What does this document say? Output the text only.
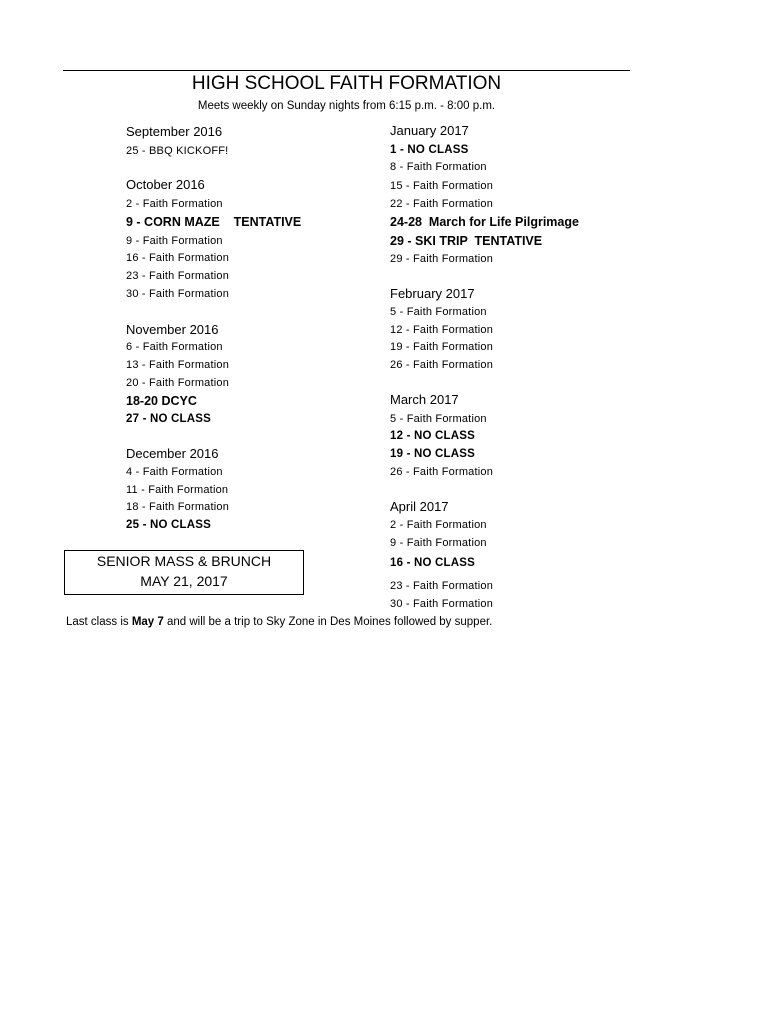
HIGH SCHOOL FAITH FORMATION
Meets weekly on Sunday nights from 6:15 p.m. - 8:00 p.m.
September 2016
25 - BBQ KICKOFF!
October 2016
2 - Faith Formation
9 - CORN MAZE    TENTATIVE
9 - Faith Formation
16 - Faith Formation
23 - Faith Formation
30 - Faith Formation
November 2016
6 - Faith Formation
13 - Faith Formation
20 - Faith Formation
18-20 DCYC
27 - NO CLASS
December 2016
4 - Faith Formation
11 - Faith Formation
18 - Faith Formation
25 - NO CLASS
January 2017
1 - NO CLASS
8 - Faith Formation
15 - Faith Formation
22 - Faith Formation
24-28  March for Life Pilgrimage
29 - SKI TRIP  TENTATIVE
29 - Faith Formation
February 2017
5 - Faith Formation
12 - Faith Formation
19 - Faith Formation
26 - Faith Formation
March 2017
5 - Faith Formation
12 - NO CLASS
19 - NO CLASS
26 - Faith Formation
April 2017
2 - Faith Formation
9 - Faith Formation
16 - NO CLASS
23 - Faith Formation
30 - Faith Formation
SENIOR MASS & BRUNCH
MAY 21, 2017
Last class is May 7 and will be a trip to Sky Zone in Des Moines followed by supper.
